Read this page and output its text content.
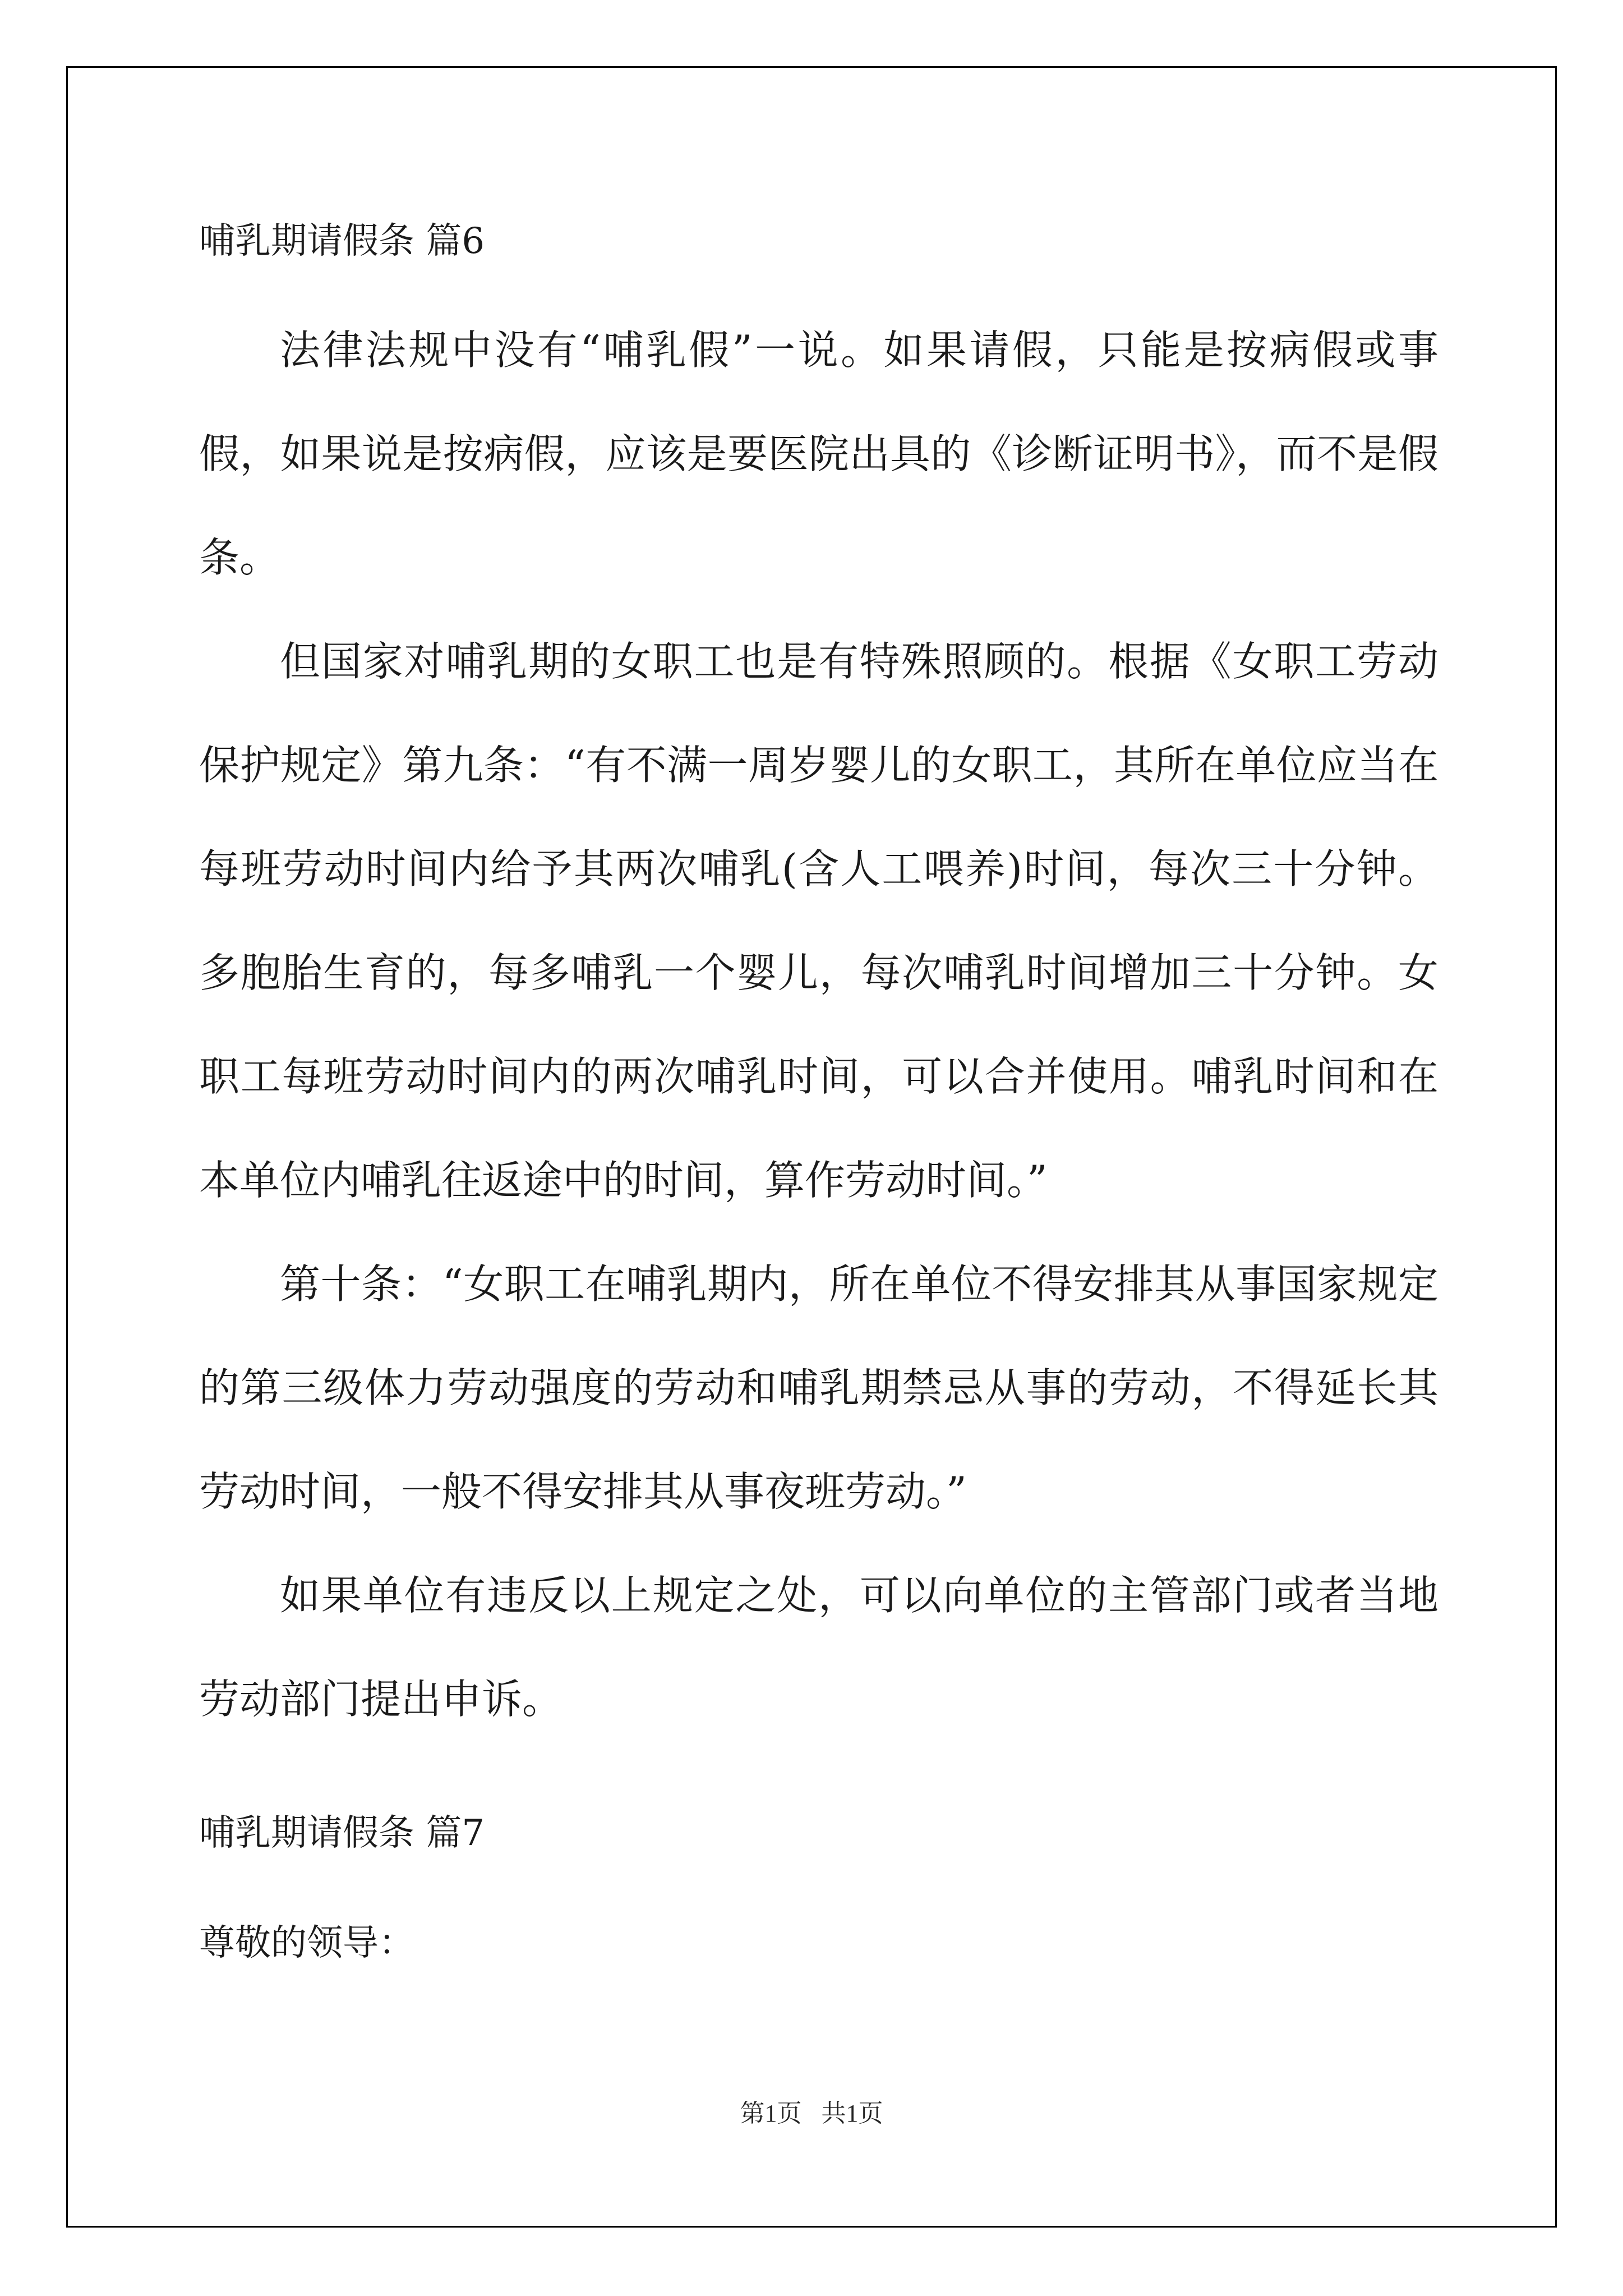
哺乳期请假条 篇6

法律法规中没有“哺乳假”一说。如果请假，只能是按病假或事假，如果说是按病假，应该是要医院出具的《诊断证明书》，而不是假条。

但国家对哺乳期的女职工也是有特殊照顾的。根据《女职工劳动保护规定》第九条：“有不满一周岁婴儿的女职工，其所在单位应当在每班劳动时间内给予其两次哺乳(含人工喂养)时间，每次三十分钟。多胞胎生育的，每多哺乳一个婴儿，每次哺乳时间增加三十分钟。女职工每班劳动时间内的两次哺乳时间，可以合并使用。哺乳时间和在本单位内哺乳往返途中的时间，算作劳动时间。”

第十条：“女职工在哺乳期内，所在单位不得安排其从事国家规定的第三级体力劳动强度的劳动和哺乳期禁忌从事的劳动，不得延长其劳动时间，一般不得安排其从事夜班劳动。”

如果单位有违反以上规定之处，可以向单位的主管部门或者当地劳动部门提出申诉。

哺乳期请假条 篇7
尊敬的领导：
第1页 共1页
